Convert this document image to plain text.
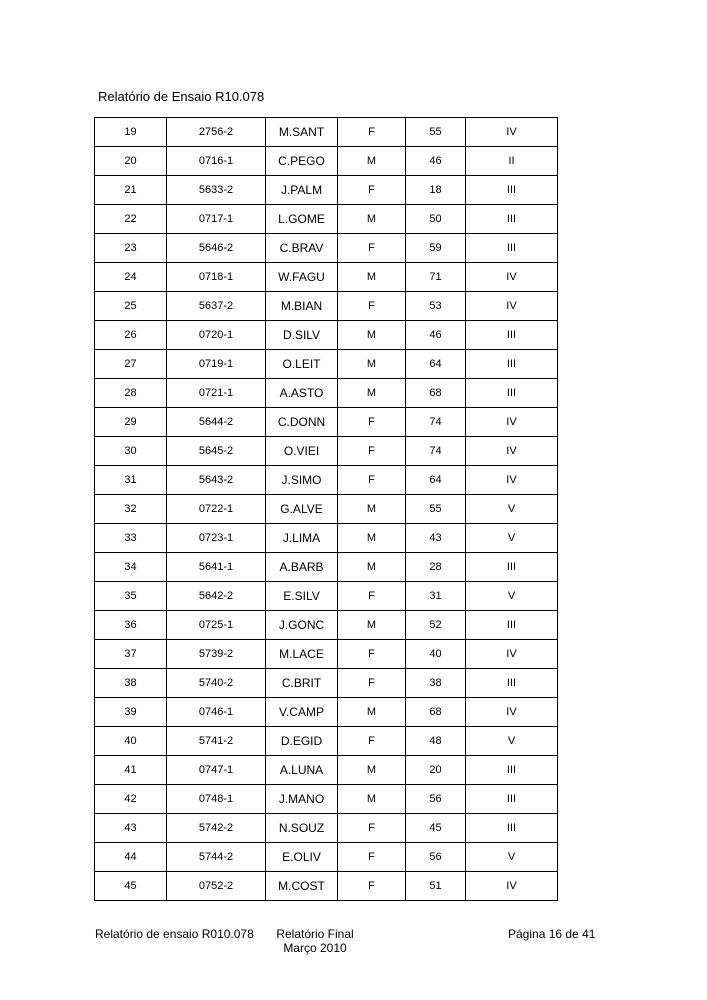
Relatório de Ensaio R10.078
19	2756-2	M.SANT	F	55	IV
20	0716-1	C.PEGO	M	46	II
21	5633-2	J.PALM	F	18	III
22	0717-1	L.GOME	M	50	III
23	5646-2	C.BRAV	F	59	III
24	0718-1	W.FAGU	M	71	IV
25	5637-2	M.BIAN	F	53	IV
26	0720-1	D.SILV	M	46	III
27	0719-1	O.LEIT	M	64	III
28	0721-1	A.ASTO	M	68	III
29	5644-2	C.DONN	F	74	IV
30	5645-2	O.VIEI	F	74	IV
31	5643-2	J.SIMO	F	64	IV
32	0722-1	G.ALVE	M	55	V
33	0723-1	J.LIMA	M	43	V
34	5641-1	A.BARB	M	28	III
35	5642-2	E.SILV	F	31	V
36	0725-1	J.GONC	M	52	III
37	5739-2	M.LACE	F	40	IV
38	5740-2	C.BRIT	F	38	III
39	0746-1	V.CAMP	M	68	IV
40	5741-2	D.EGID	F	48	V
41	0747-1	A.LUNA	M	20	III
42	0748-1	J.MANO	M	56	III
43	5742-2	N.SOUZ	F	45	III
44	5744-2	E.OLIV	F	56	V
45	0752-2	M.COST	F	51	IV
Relatório de ensaio R010.078	Relatório Final
Março 2010
Página 16 de 41
